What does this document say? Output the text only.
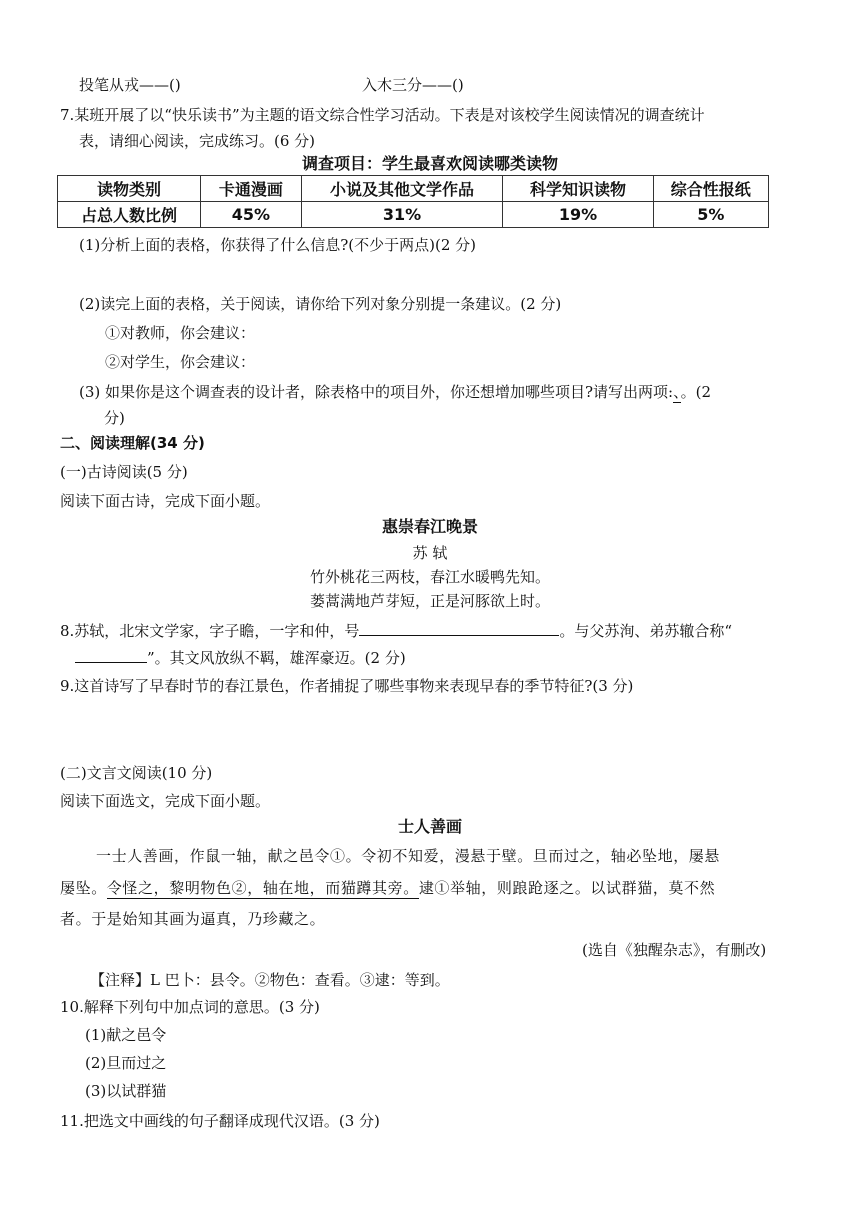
投笔从戎——()	入木三分——()
7.某班开展了以“快乐读书”为主题的语文综合性学习活动。下表是对该校学生阅读情况的调查统计
表，请细心阅读，完成练习。(6 分)
调查项目：学生最喜欢阅读哪类读物
读物类别	卡通漫画	小说及其他文学作品	科学知识读物	综合性报纸
占总人数比例	45%	31%	19%	5%
(1)分析上面的表格，你获得了什么信息?(不少于两点)(2 分)
(2)读完上面的表格，关于阅读，请你给下列对象分别提一条建议。(2 分)
①对教师，你会建议：
②对学生，你会建议：
(3) 如果你是这个调查表的设计者，除表格中的项目外，你还想增加哪些项目?请写出两项:、。(2
分)
二、阅读理解(34 分)
(一)古诗阅读(5 分)
阅读下面古诗，完成下面小题。
惠崇春江晚景
苏 轼
竹外桃花三两枝，春江水暖鸭先知。
蒌蒿满地芦芽短，正是河豚欲上时。
8.苏轼，北宋文学家，字子瞻，一字和仲，号	。与父苏洵、弟苏辙合称“
”。其文风放纵不羁，雄浑豪迈。(2 分)
9.这首诗写了早春时节的春江景色，作者捕捉了哪些事物来表现早春的季节特征?(3 分)
(二)文言文阅读(10 分)
阅读下面选文，完成下面小题。
士人善画
一士人善画，作鼠一轴，献之邑令①。令初不知爱，漫悬于壁。旦而过之，轴必坠地，屡悬
屡坠。令怪之，黎明物色②，轴在地，而猫蹲其旁。逮①举轴，则踉跄逐之。以试群猫，莫不然
者。于是始知其画为逼真，乃珍藏之。
(选自《独醒杂志》，有删改)
【注释】L 巴卜：县令。②物色：查看。③逮：等到。
10.解释下列句中加点词的意思。(3 分)
(1)献之邑令
(2)旦而过之
(3)以试群猫
11.把选文中画线的句子翻译成现代汉语。(3 分)
